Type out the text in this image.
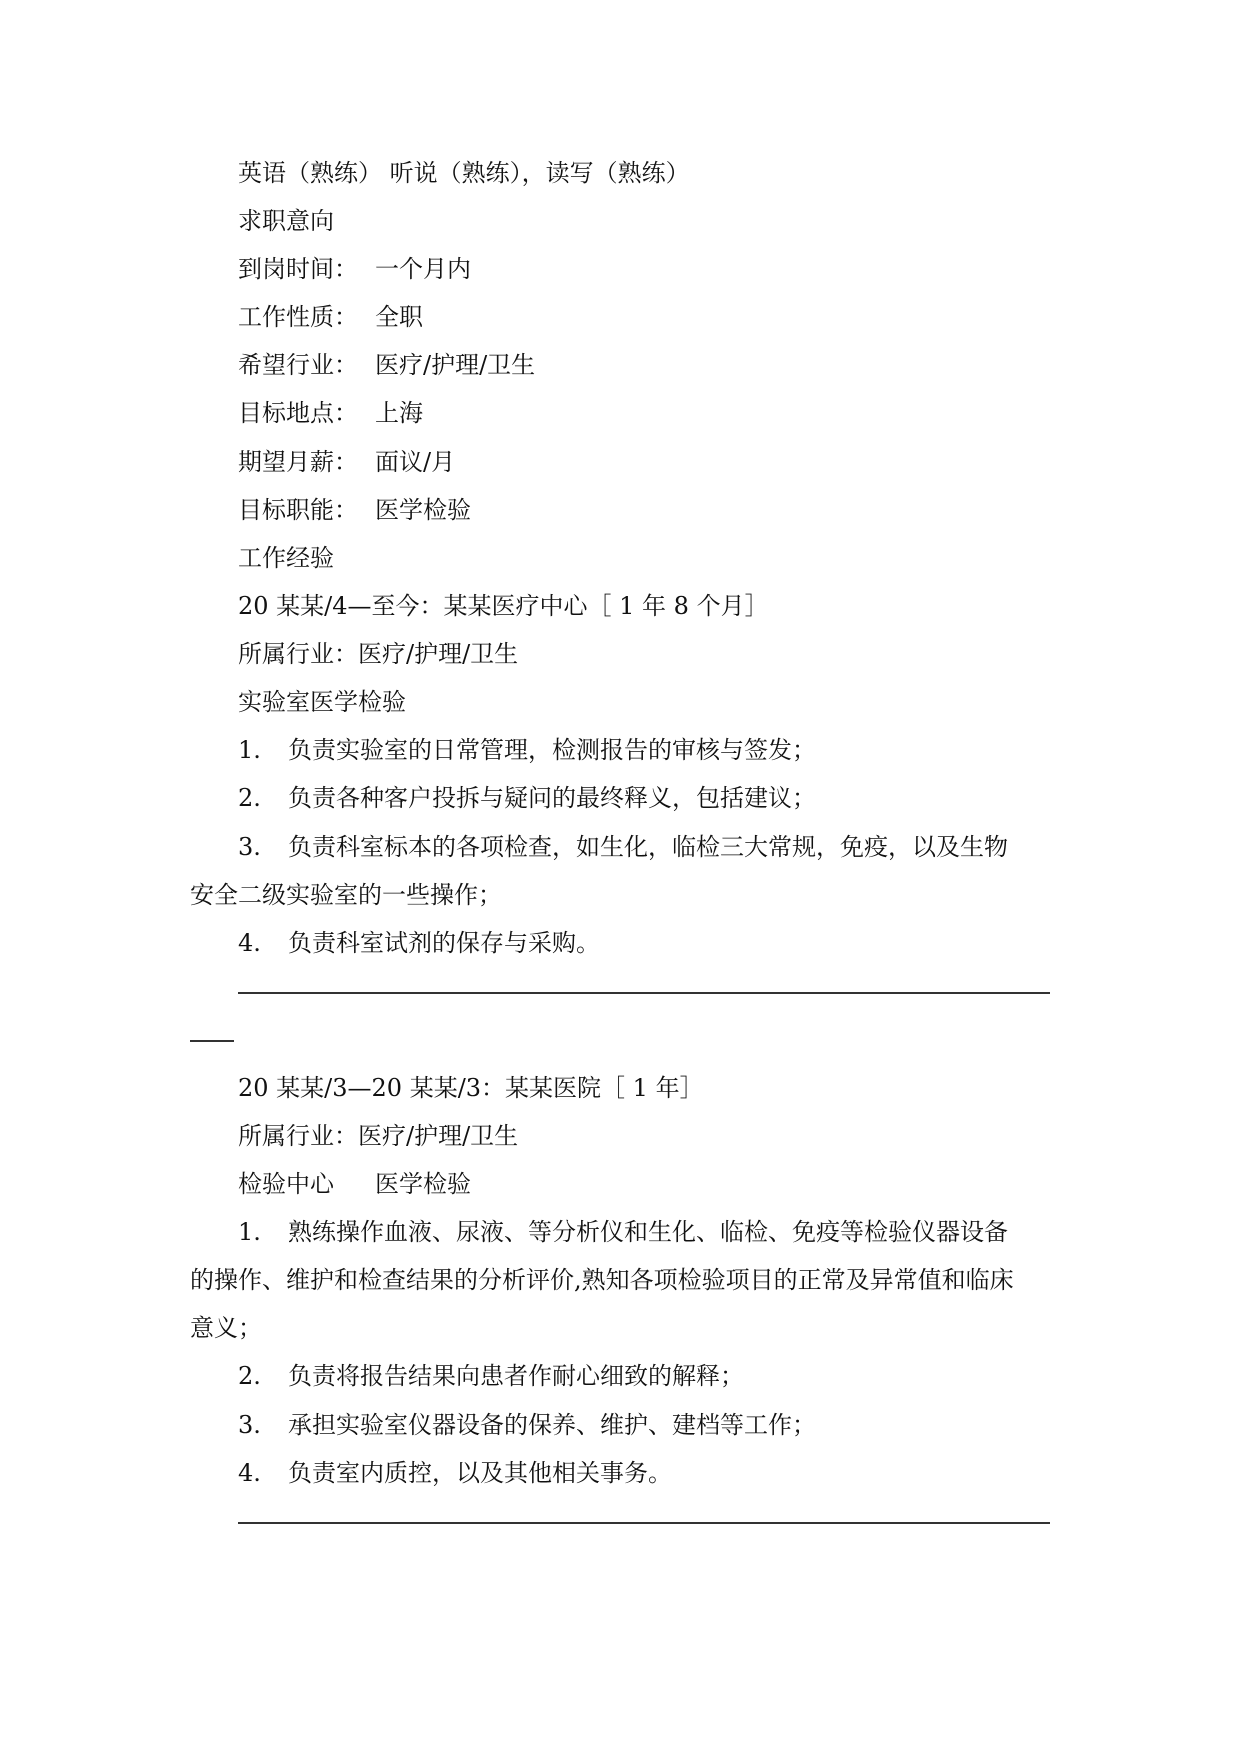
英语（熟练） 听说（熟练），读写（熟练）
求职意向
到岗时间： 一个月内
工作性质： 全职
希望行业： 医疗/护理/卫生
目标地点： 上海
期望月薪： 面议/月
目标职能： 医学检验
工作经验
20 某某/4—至今：某某医疗中心［ 1 年 8 个月］
所属行业：医疗/护理/卫生
实验室医学检验
1. 负责实验室的日常管理，检测报告的审核与签发；
2. 负责各种客户投拆与疑问的最终释义，包括建议；
3. 负责科室标本的各项检查，如生化，临检三大常规，免疫，以及生物
安全二级实验室的一些操作；
4. 负责科室试剂的保存与采购。
20 某某/3—20 某某/3：某某医院［ 1 年］
所属行业：医疗/护理/卫生
检验中心 医学检验
1. 熟练操作血液、尿液、等分析仪和生化、临检、免疫等检验仪器设备
的操作、维护和检查结果的分析评价,熟知各项检验项目的正常及异常值和临床
意义；
2. 负责将报告结果向患者作耐心细致的解释；
3. 承担实验室仪器设备的保养、维护、建档等工作；
4. 负责室内质控，以及其他相关事务。
